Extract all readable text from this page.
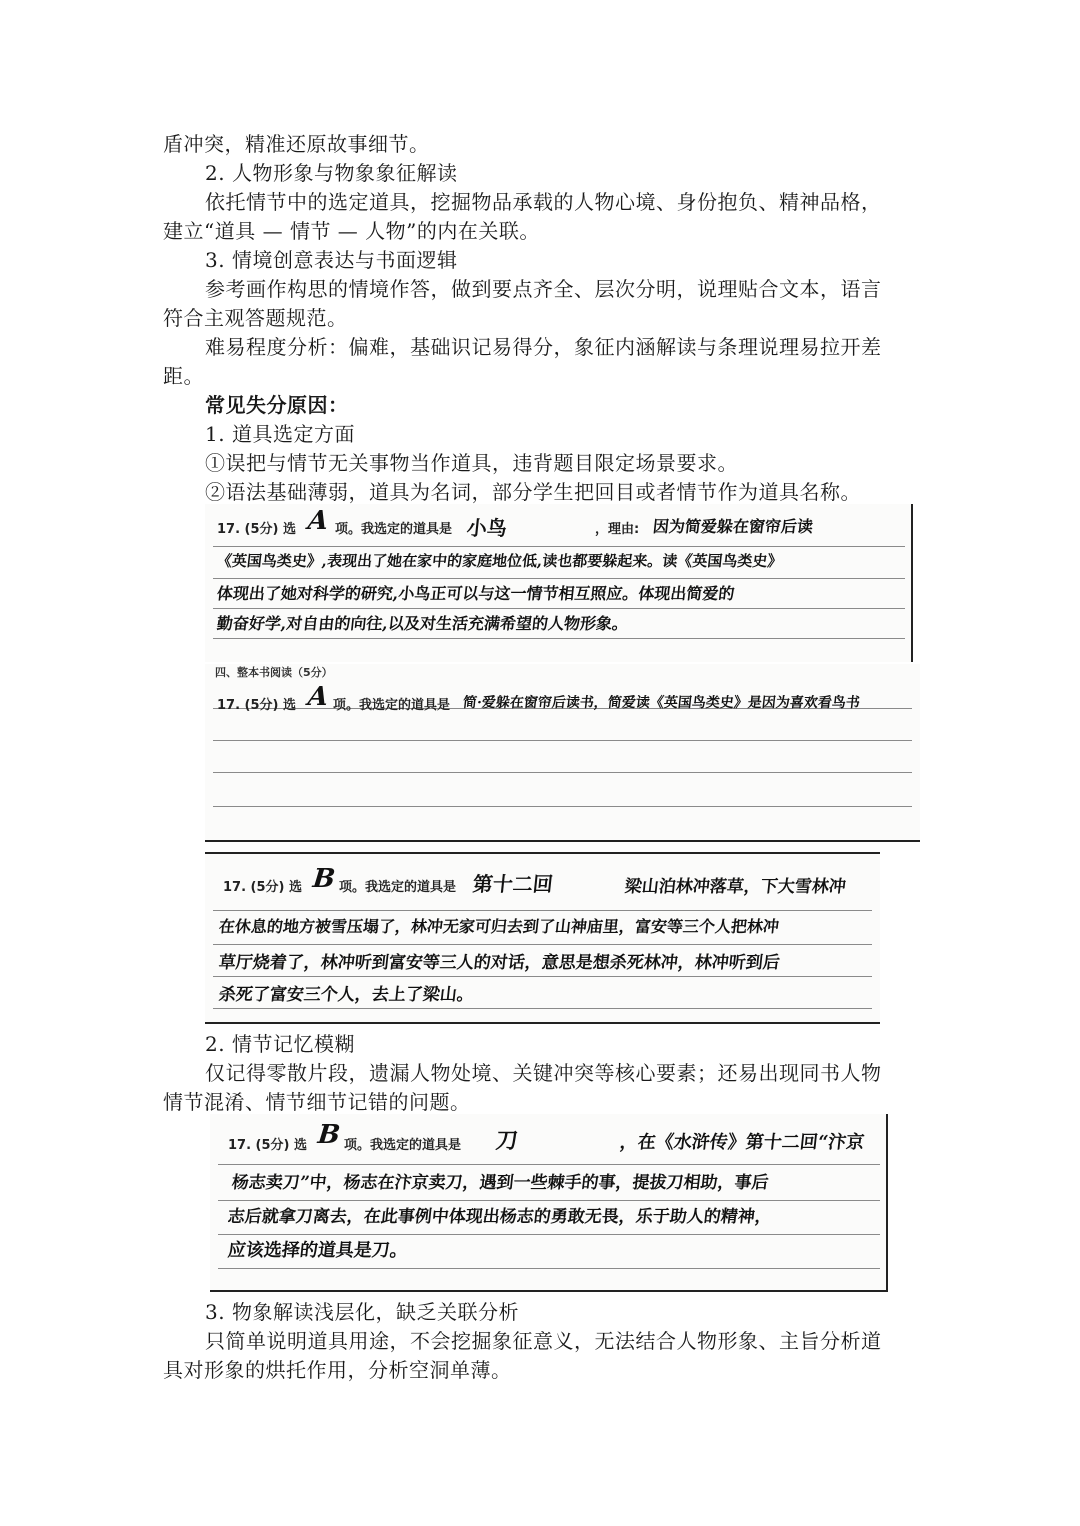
盾冲突，精准还原故事细节。
2. 人物形象与物象象征解读
依托情节中的选定道具，挖掘物品承载的人物心境、身份抱负、精神品格，
建立“道具 — 情节 — 人物”的内在关联。
3. 情境创意表达与书面逻辑
参考画作构思的情境作答，做到要点齐全、层次分明，说理贴合文本，语言
符合主观答题规范。
难易程度分析：偏难，基础识记易得分，象征内涵解读与条理说理易拉开差
距。
常见失分原因：
1. 道具选定方面
①误把与情节无关事物当作道具，违背题目限定场景要求。
②语法基础薄弱，道具为名词，部分学生把回目或者情节作为道具名称。
17. (5分) 选 A 项。我选定的道具是 小鸟	，理由: 因为简爱躲在窗帘后读
《英国鸟类史》,表现出了她在家中的家庭地位低,读也都要躲起来。读《英国鸟类史》
体现出了她对科学的研究,小鸟正可以与这一情节相互照应。体现出简爱的
勤奋好学,对自由的向往,以及对生活充满希望的人物形象。
四、整本书阅读（5分）
17. (5分) 选 A 项。我选定的道具是 简·爱躲在窗帘后读书，简爱读《英国鸟类史》是因为喜欢看鸟书
17. (5分) 选 B 项。我选定的道具是 第十二回	梁山泊林冲落草，下大雪林冲
在休息的地方被雪压塌了，林冲无家可归去到了山神庙里，富安等三个人把林冲
草厅烧着了，林冲听到富安等三人的对话，意思是想杀死林冲，林冲听到后
杀死了富安三个人，去上了梁山。
2. 情节记忆模糊
仅记得零散片段，遗漏人物处境、关键冲突等核心要素；还易出现同书人物
情节混淆、情节细节记错的问题。
17. (5分) 选 B 项。我选定的道具是 刀	，在《水浒传》第十二回“汴京
杨志卖刀”中，杨志在汴京卖刀，遇到一些棘手的事，提拔刀相助，事后
志后就拿刀离去，在此事例中体现出杨志的勇敢无畏，乐于助人的精神，
应该选择的道具是刀。
3. 物象解读浅层化，缺乏关联分析
只简单说明道具用途，不会挖掘象征意义，无法结合人物形象、主旨分析道
具对形象的烘托作用，分析空洞单薄。
